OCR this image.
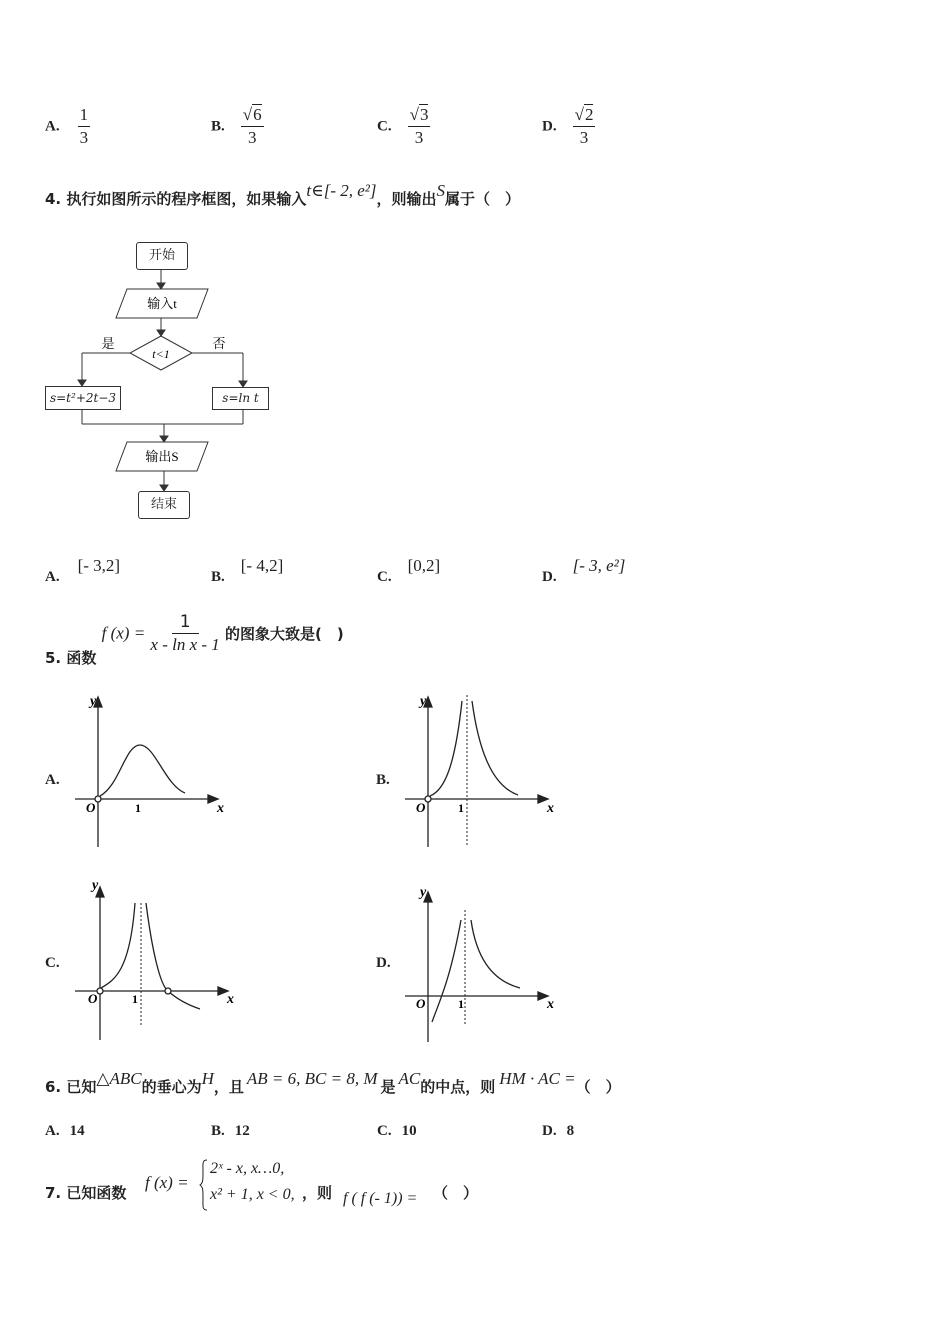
A. $\frac{1}{3}$	B. $\frac{√6}{3}$	C. $\frac{√3}{3}$	D. $\frac{√2}{3}$
4. 执行如图所示的程序框图，如果输入t∈[- 2, e²]，则输出S属于（　）
t<1
输入t
输出S
是	否
开始
s=t²+2t−3	s=ln t
结束
A. [- 3,2]
B. [- 4,2]
C. [0,2]
D. [- 3, e²]
5. 函数 f $(x) = \frac{1}{\text{x - ln x - 1}}$ 的图象大致是(　)
A.	B.
C.	D.
y
x
O	1
y
x
O	1
y
x
O	1
y
x
O	1
6. 已知△ABC的垂心为H，且 AB = 6, BC = 8, M 是 AC的中点，则 HM · AC =（　）
A. 14	B. 12	C. 10	D. 8
7. 已知函数
f (x) =
2ˣ - x, x…0,
x² + 1, x < 0, ，则 f ( f (- 1)) = （　）
